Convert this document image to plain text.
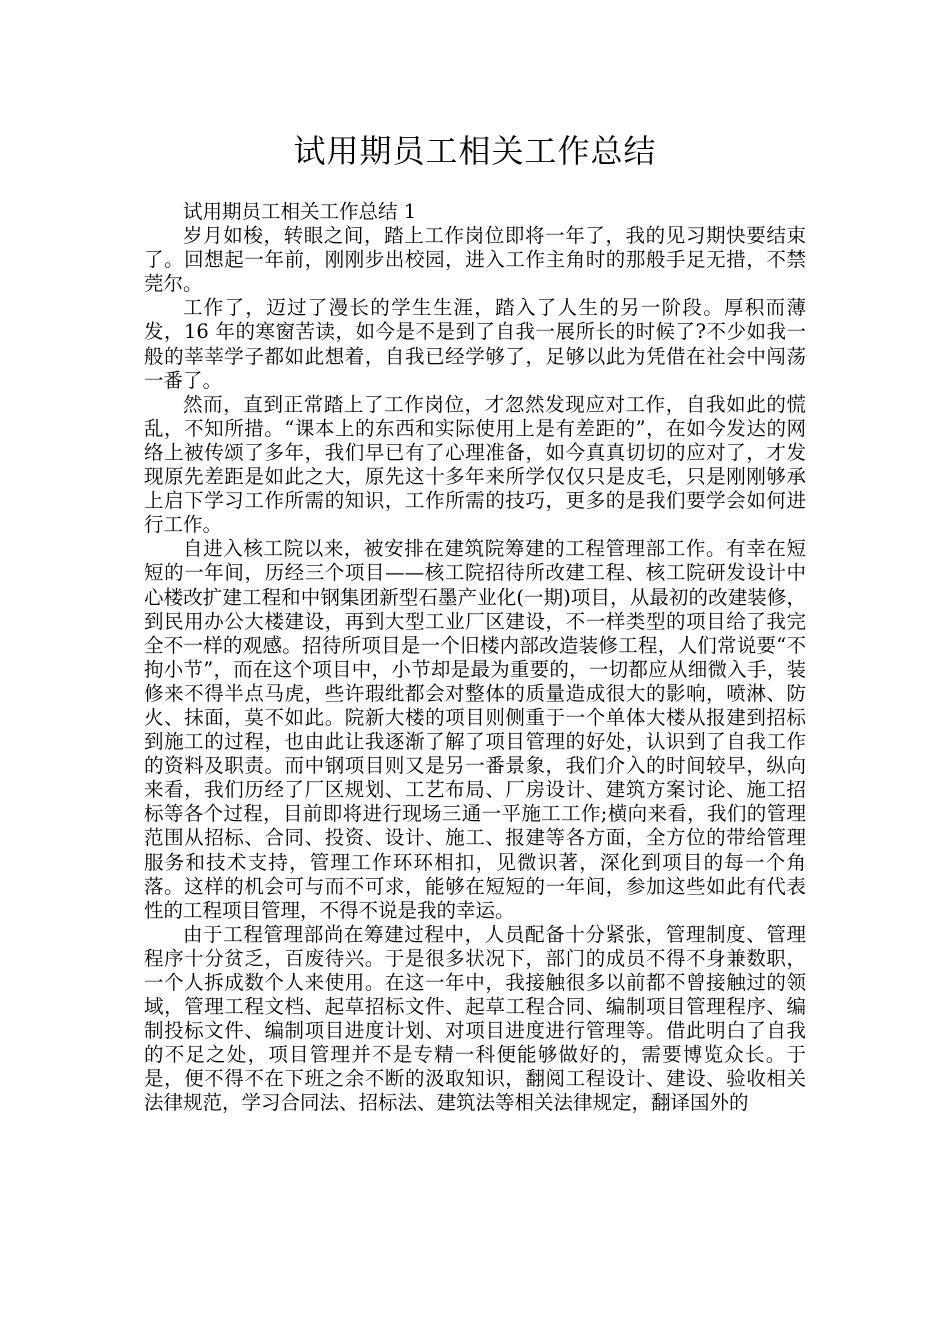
试用期员工相关工作总结

试用期员工相关工作总结 1

岁月如梭，转眼之间，踏上工作岗位即将一年了，我的见习期快要结束了。回想起一年前，刚刚步出校园，进入工作主角时的那般手足无措，不禁莞尔。

工作了，迈过了漫长的学生生涯，踏入了人生的另一阶段。厚积而薄发，16 年的寒窗苦读，如今是不是到了自我一展所长的时候了?不少如我一般的莘莘学子都如此想着，自我已经学够了，足够以此为凭借在社会中闯荡一番了。

然而，直到正常踏上了工作岗位，才忽然发现应对工作，自我如此的慌乱，不知所措。“课本上的东西和实际使用上是有差距的”，在如今发达的网络上被传颂了多年，我们早已有了心理准备，如今真真切切的应对了，才发现原先差距是如此之大，原先这十多年来所学仅仅只是皮毛，只是刚刚够承上启下学习工作所需的知识，工作所需的技巧，更多的是我们要学会如何进行工作。

自进入核工院以来，被安排在建筑院筹建的工程管理部工作。有幸在短短的一年间，历经三个项目——核工院招待所改建工程、核工院研发设计中心楼改扩建工程和中钢集团新型石墨产业化(一期)项目，从最初的改建装修，到民用办公大楼建设，再到大型工业厂区建设，不一样类型的项目给了我完全不一样的观感。招待所项目是一个旧楼内部改造装修工程，人们常说要“不拘小节”，而在这个项目中，小节却是最为重要的，一切都应从细微入手，装修来不得半点马虎，些许瑕纰都会对整体的质量造成很大的影响，喷淋、防火、抹面，莫不如此。院新大楼的项目则侧重于一个单体大楼从报建到招标到施工的过程，也由此让我逐渐了解了项目管理的好处，认识到了自我工作的资料及职责。而中钢项目则又是另一番景象，我们介入的时间较早，纵向来看，我们历经了厂区规划、工艺布局、厂房设计、建筑方案讨论、施工招标等各个过程，目前即将进行现场三通一平施工工作;横向来看，我们的管理范围从招标、合同、投资、设计、施工、报建等各方面，全方位的带给管理服务和技术支持，管理工作环环相扣，见微识著，深化到项目的每一个角落。这样的机会可与而不可求，能够在短短的一年间，参加这些如此有代表性的工程项目管理，不得不说是我的幸运。

由于工程管理部尚在筹建过程中，人员配备十分紧张，管理制度、管理程序十分贫乏，百废待兴。于是很多状况下，部门的成员不得不身兼数职，一个人拆成数个人来使用。在这一年中，我接触很多以前都不曾接触过的领域，管理工程文档、起草招标文件、起草工程合同、编制项目管理程序、编制投标文件、编制项目进度计划、对项目进度进行管理等。借此明白了自我的不足之处，项目管理并不是专精一科便能够做好的，需要博览众长。于是，便不得不在下班之余不断的汲取知识，翻阅工程设计、建设、验收相关法律规范，学习合同法、招标法、建筑法等相关法律规定，翻译国外的
